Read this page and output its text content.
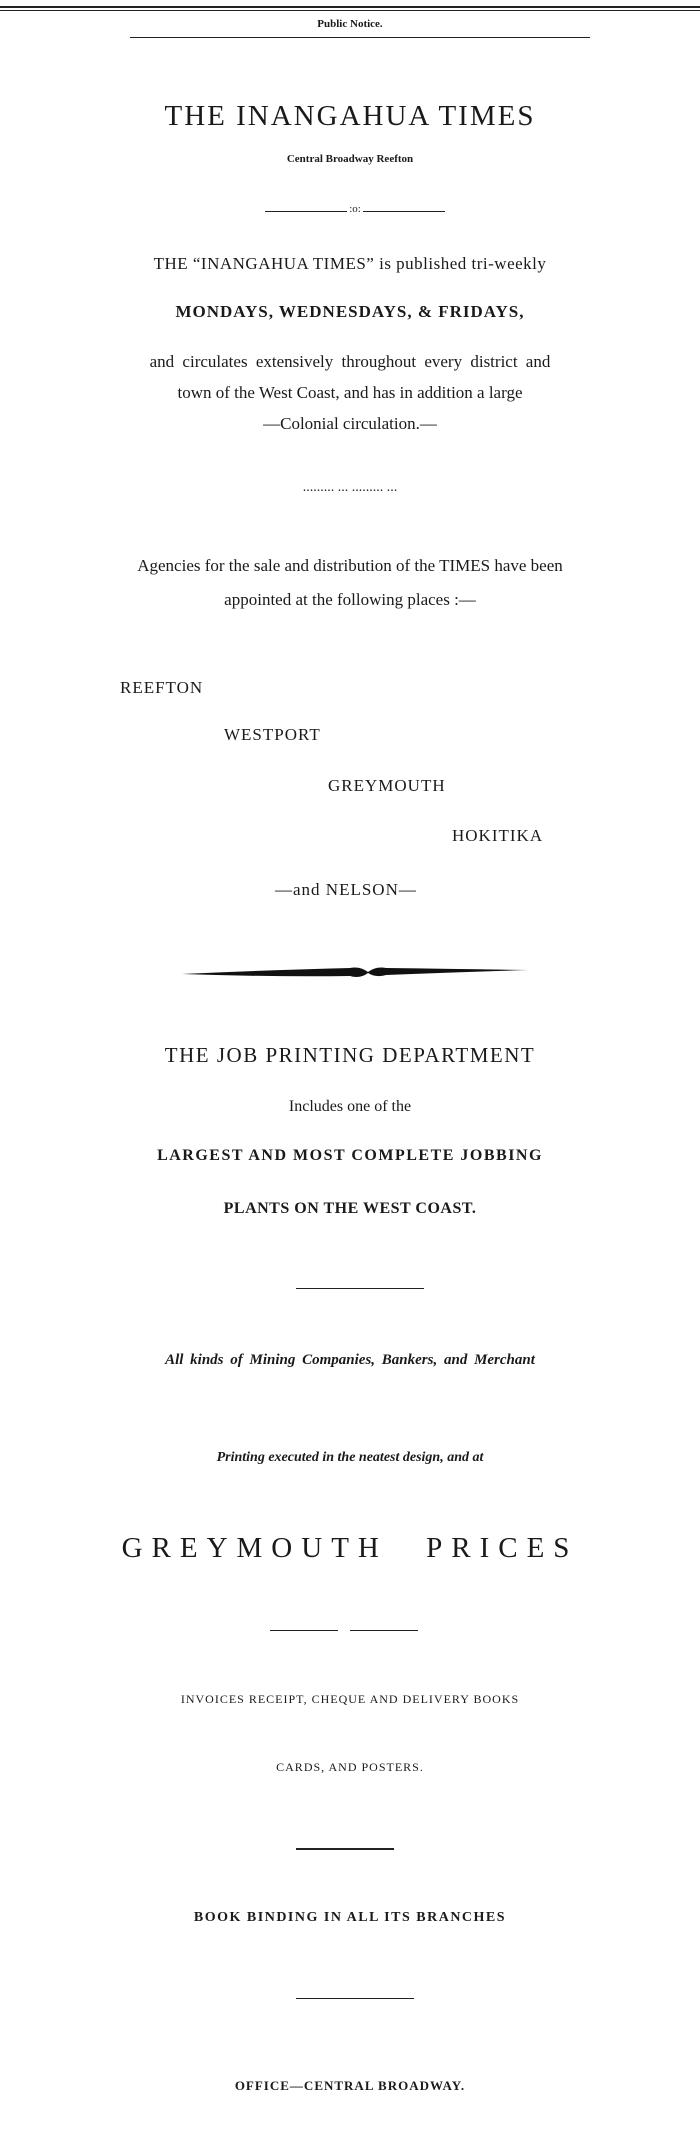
Public Notice.
THE INANGAHUA TIMES
Central Broadway Reefton
:o:
THE “INANGAHUA TIMES” is published tri-weekly
MONDAYS, WEDNESDAYS, & FRIDAYS,
and circulates extensively throughout every district and
town of the West Coast, and has in addition a large
—Colonial circulation.—
......... ... ......... ...
Agencies for the sale and distribution of the TIMES have been
appointed at the following places :—
REEFTON
WESTPORT
GREYMOUTH
HOKITIKA
—and NELSON—
THE JOB PRINTING DEPARTMENT
Includes one of the
LARGEST AND MOST COMPLETE JOBBING
PLANTS ON THE WEST COAST.
All kinds of Mining Companies, Bankers, and Merchant
Printing executed in the neatest design, and at
GREYMOUTH PRICES
INVOICES RECEIPT, CHEQUE AND DELIVERY BOOKS
CARDS, AND POSTERS.
BOOK BINDING IN ALL ITS BRANCHES
OFFICE—CENTRAL BROADWAY.
